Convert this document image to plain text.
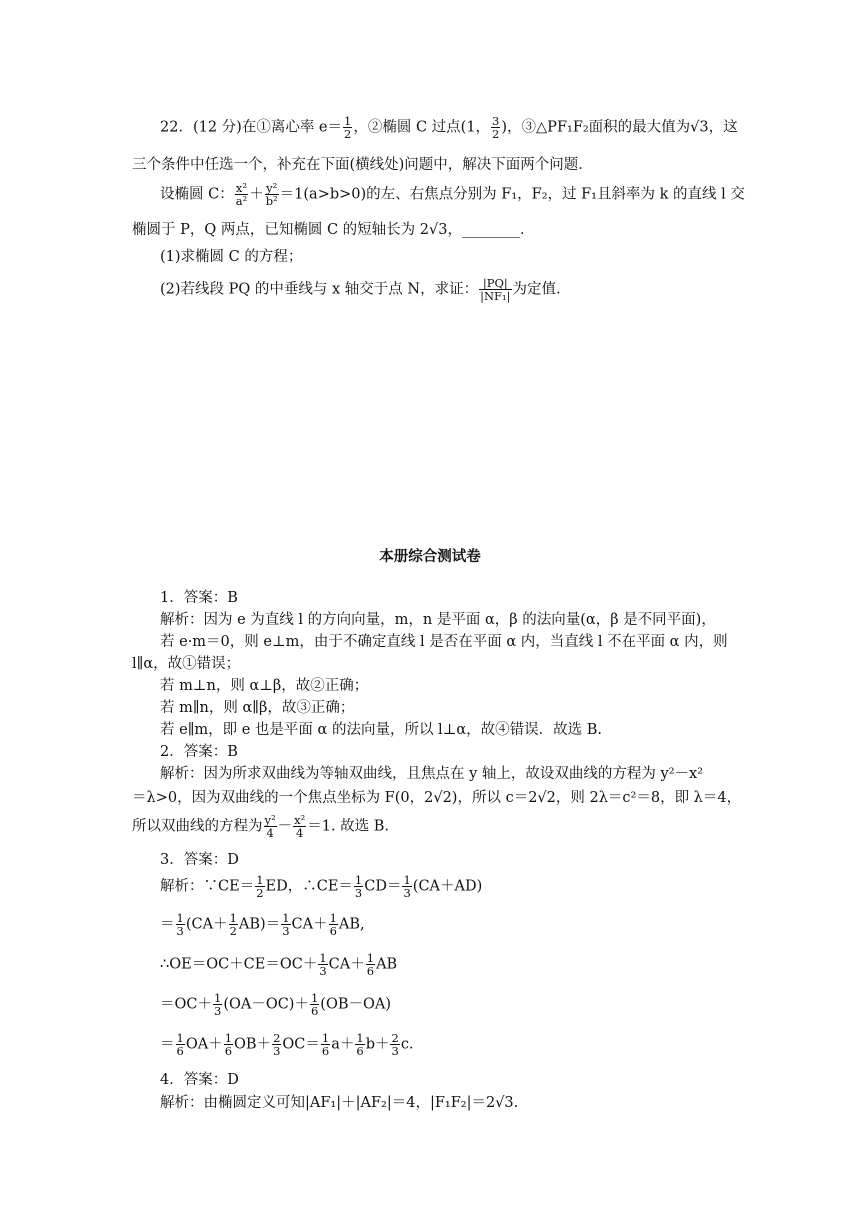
22．(12 分)在①离心率 $e= \frac{1}{2}$ ，②椭圆 C 过点(1， $\frac{3}{2}$ )，③△PF₁F₂面积的最大值为√3，这
三个条件中任选一个，补充在下面(横线处)问题中，解决下面两个问题．
设椭圆 C： $\frac{\text{x²}}{\text{a²}} + \frac{\text{y²}}{\text{b²}} =1(a>b>0)$的左、右焦点分别为 F₁，F₂，过 F₁且斜率为 k 的直线 l 交
椭圆于 P，Q 两点，已知椭圆 C 的短轴长为 2√3，________．
(1)求椭圆 C 的方程；
(2)若线段 PQ 的中垂线与 x 轴交于点 N，求证： $\frac{|PQ|}{\text{|NF₁|}}$ 为定值．
本册综合测试卷
1．答案：B
解析：因为 e 为直线 l 的方向向量，m，n 是平面 α，β 的法向量(α，β 是不同平面)，
若 e·m＝0，则 e⊥m，由于不确定直线 l 是否在平面 α 内，当直线 l 不在平面 α 内，则
l∥α，故①错误；
若 m⊥n，则 α⊥β，故②正确；
若 m∥n，则 α∥β，故③正确；
若 e∥m，即 e 也是平面 α 的法向量，所以 l⊥α，故④错误．故选 B.
2．答案：B
解析：因为所求双曲线为等轴双曲线，且焦点在 y 轴上，故设双曲线的方程为 y²－x²
＝λ>0，因为双曲线的一个焦点坐标为 F(0，2√2)，所以 c＝2√2，则 2λ＝c²＝8，即 λ＝4，
所以双曲线的方程为 $\frac{\text{y²}}{4} - \frac{\text{x²}}{4} =1$. 故选 B.
3．答案：D
解析：∵CE＝ $\frac{1}{2}$ ED，∴CE＝ $\frac{1}{3} CD= \frac{1}{3} (CA+AD)$
＝ $\frac{1}{3} (CA+ \frac{1}{2} AB)= \frac{1}{3} CA+ \frac{1}{6}$ AB,
∴OE＝OC＋CE＝OC＋ $\frac{1}{3} CA+ \frac{1}{6}$ AB
$=OC+ \frac{1}{3} (OA-OC)+ \frac{1}{6} (OB-OA)$
＝ $\frac{1}{6} OA+ \frac{1}{6} OB+ \frac{2}{3} OC= \frac{1}{6} a+ \frac{1}{6} b+ \frac{2}{3} c$.
4．答案：D
解析：由椭圆定义可知|AF₁|＋|AF₂|＝4，|F₁F₂|＝2√3.
